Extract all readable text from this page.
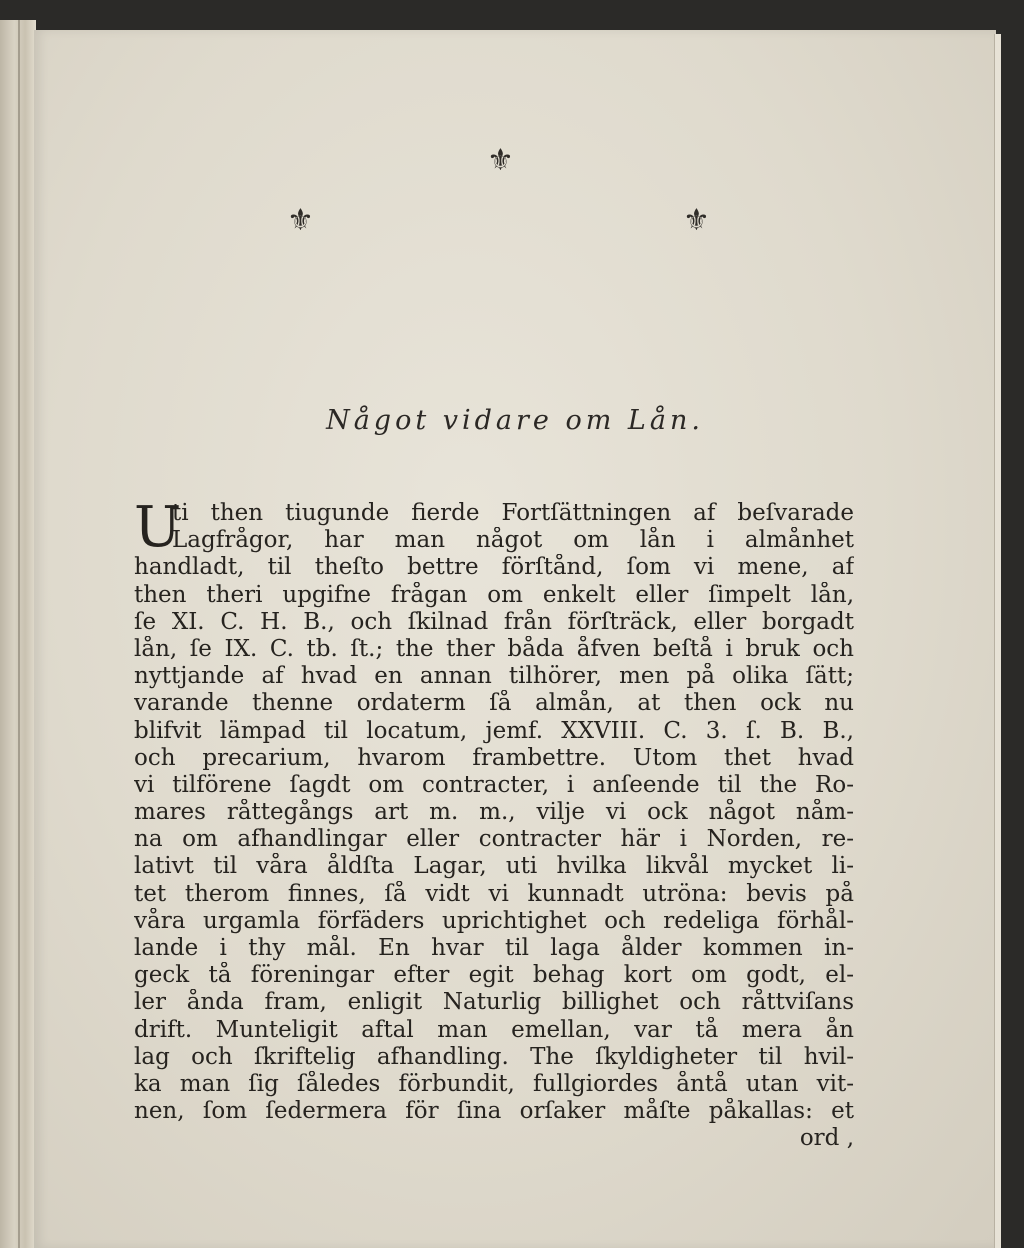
⚜
⚜	⚜
Något vidare om Lån.
U
ti then tiugunde fierde Fortſättningen af beſvarade
Lagfrågor, har man något om lån i almånhet
handladt, til theſto bettre förſtånd, ſom vi mene, af
then theri upgifne frågan om enkelt eller ſimpelt lån,
ſe XI. C. H. B., och ſkilnad från förſträck, eller borgadt
lån, ſe IX. C. tb. ſt.; the ther båda åfven beſtå i bruk och
nyttjande af hvad en annan tilhörer, men på olika ſätt;
varande thenne ordaterm ſå almån, at then ock nu
blifvit lämpad til locatum, jemf. XXVIII. C. 3. ſ. B. B.,
och precarium, hvarom frambettre. Utom thet hvad
vi tilförene ſagdt om contracter, i anſeende til the Ro-
mares råttegångs art m. m., vilje vi ock något nåm-
na om afhandlingar eller contracter här i Norden, re-
lativt til våra åldſta Lagar, uti hvilka likvål mycket li-
tet therom finnes, ſå vidt vi kunnadt utröna: bevis på
våra urgamla förfäders uprichtighet och redeliga förhål-
lande i thy mål. En hvar til laga ålder kommen in-
geck tå föreningar efter egit behag kort om godt, el-
ler ånda fram, enligit Naturlig billighet och råttviſans
drift. Munteligit aftal man emellan, var tå mera ån
lag och ſkriftelig afhandling. The ſkyldigheter til hvil-
ka man ſig ſåledes förbundit, fullgiordes åntå utan vit-
nen, ſom ſedermera för ſina orſaker måſte påkallas: et
ord ,
